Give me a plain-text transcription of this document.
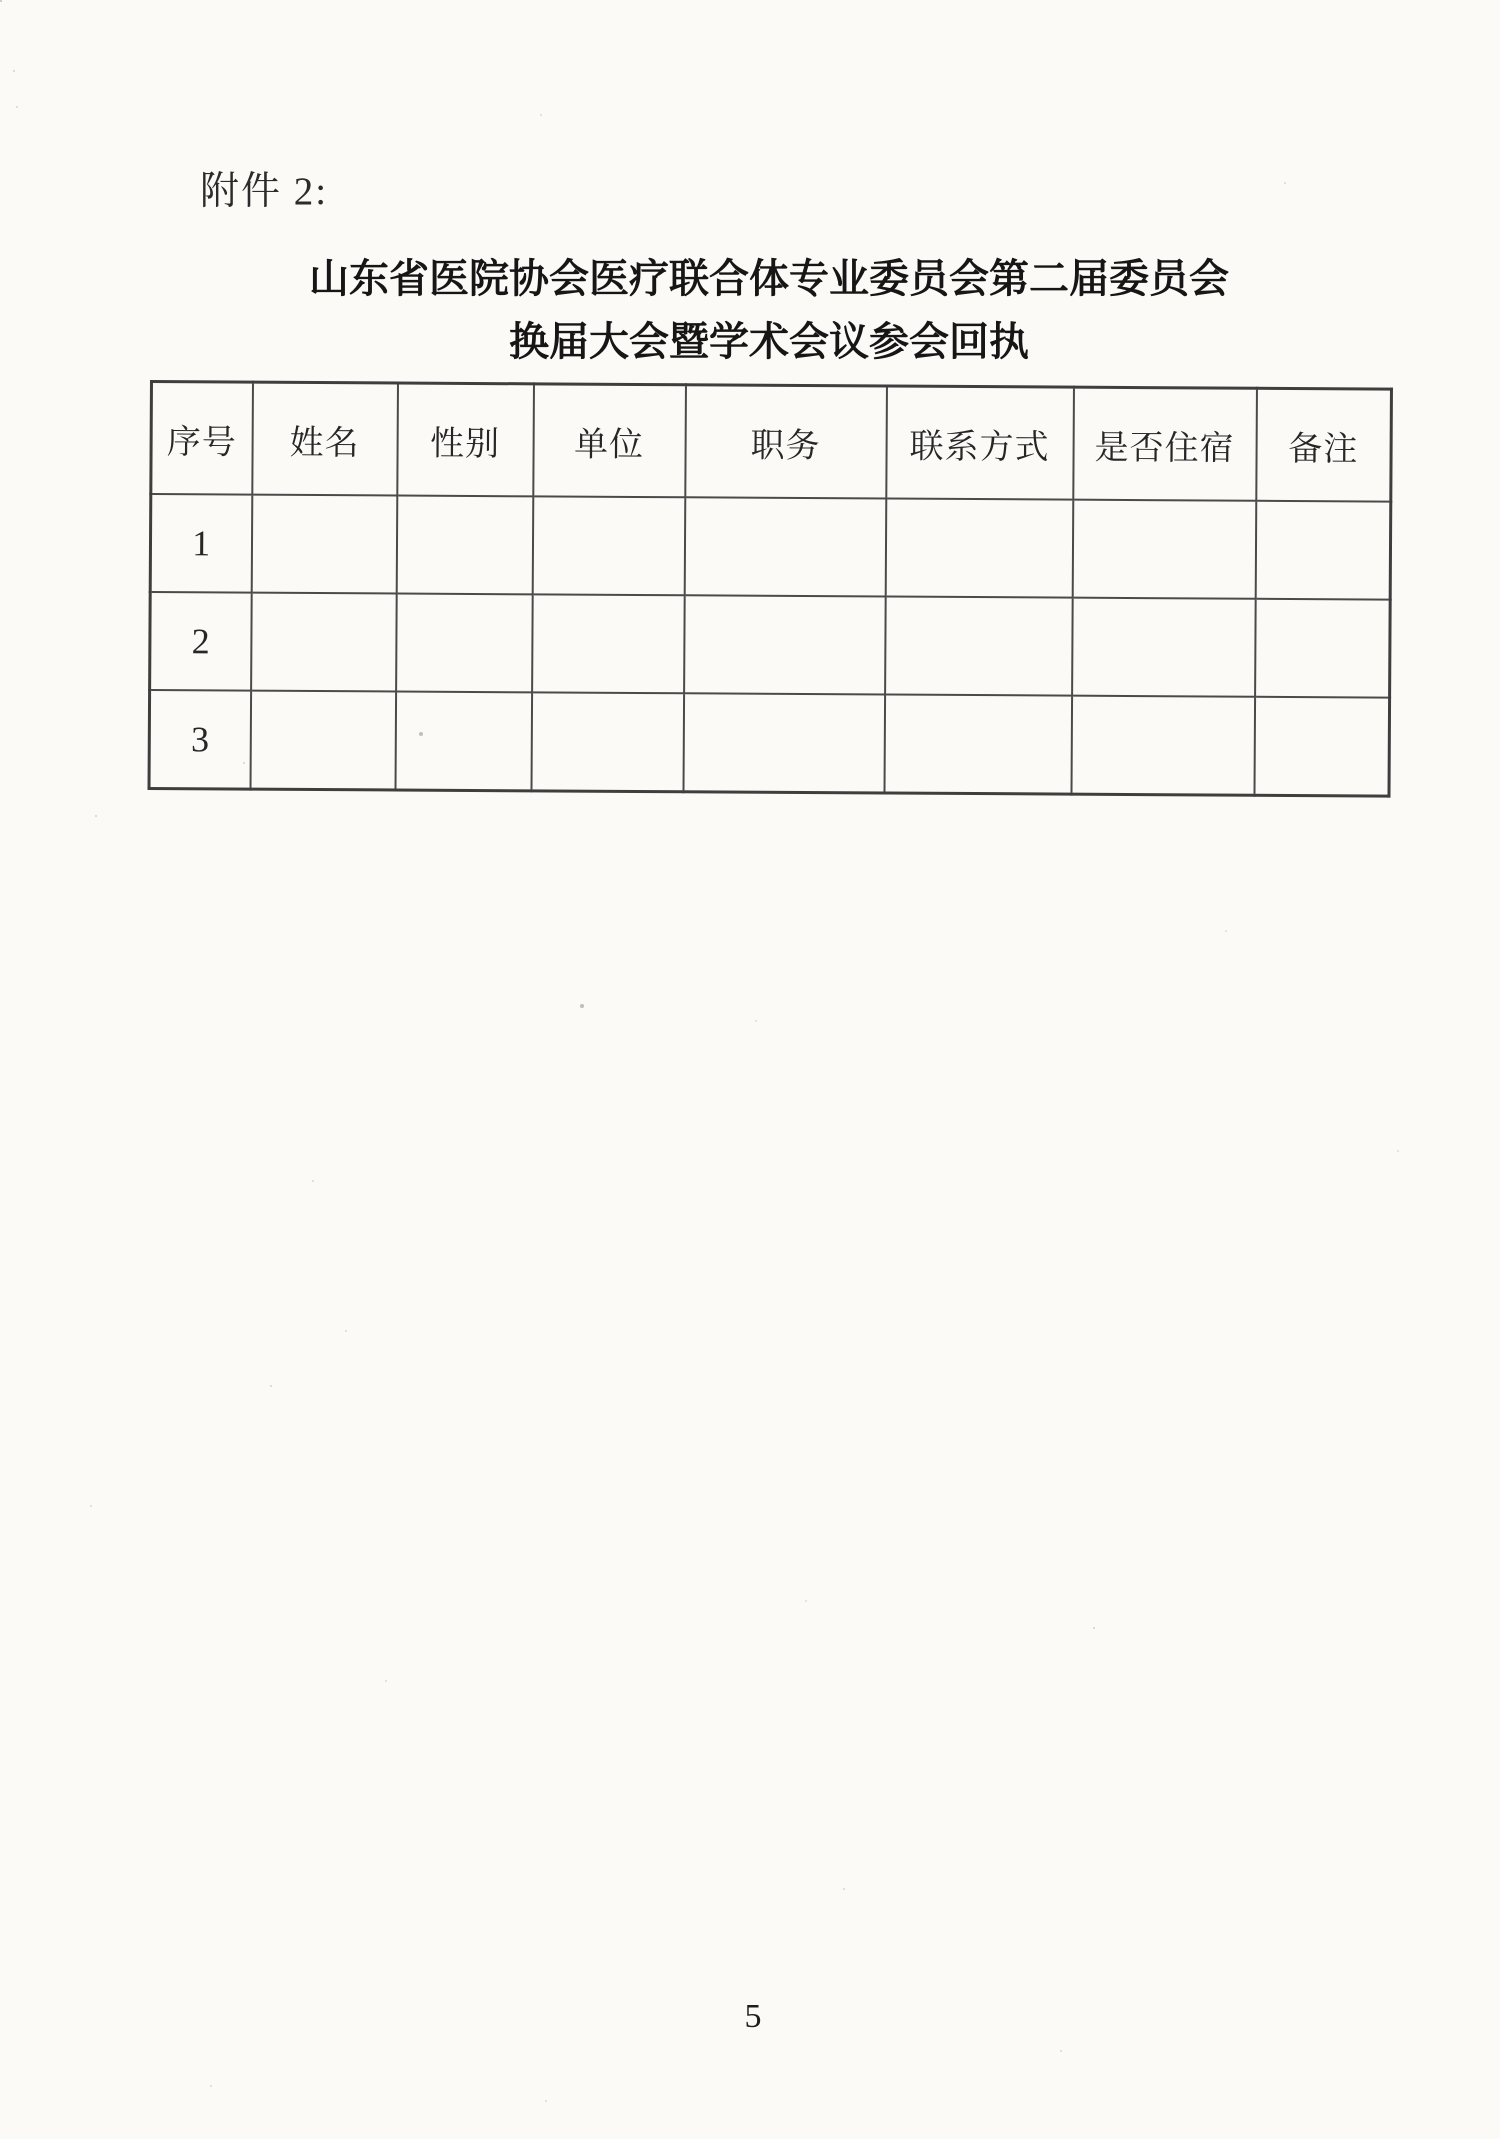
附件 2:
山东省医院协会医疗联合体专业委员会第二届委员会
换届大会暨学术会议参会回执
序号	姓名	性别	单位	职务	联系方式	是否住宿	备注
1							
2							
3							
5
